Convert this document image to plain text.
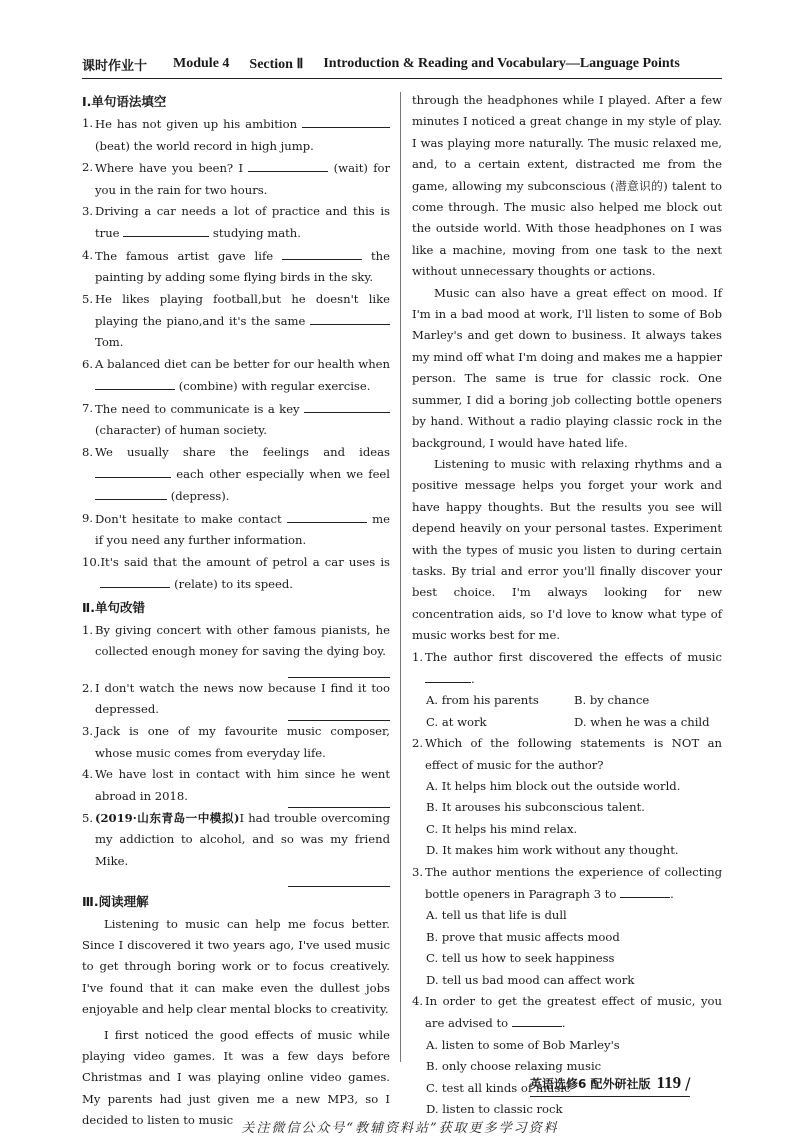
课时作业十 Module 4 Section Ⅱ Introduction & Reading and Vocabulary—Language Points
Ⅰ.单句语法填空
1. He has not given up his ambition  (beat) the world record in high jump.
2. Where have you been? I	(wait) for you in the rain for two hours.
3. Driving a car needs a lot of practice and this is true	studying math.
4. The famous artist gave life	the painting by adding some flying birds in the sky.
5. He likes playing football,but he doesn't like playing the piano,and it's the same  Tom.
6. A balanced diet can be better for our health when  (combine) with regular exercise.
7. The need to communicate is a key  (character) of human society.
8. We usually share the feelings and ideas  each other especially when we feel  (depress).
9. Don't hesitate to make contact	me if you need any further information.
10. It's said that the amount of petrol a car uses is  (relate) to its speed.
Ⅱ.单句改错
1. By giving concert with other famous pianists, he collected enough money for saving the dying boy.
2. I don't watch the news now because I find it too depressed.
3. Jack is one of my favourite music composer, whose music comes from everyday life.
4. We have lost in contact with him since he went abroad in 2018.
5. (2019·山东青岛一中模拟)I had trouble overcoming my addiction to alcohol, and so was my friend Mike.
Ⅲ.阅读理解

Listening to music can help me focus better. Since I discovered it two years ago, I've used music to get through boring work or to focus creatively. I've found that it can make even the dullest jobs enjoyable and help clear mental blocks to creativity.

I first noticed the good effects of music while playing video games. It was a few days before Christmas and I was playing online video games. My parents had just given me a new MP3, so I decided to listen to music

through the headphones while I played. After a few minutes I noticed a great change in my style of play. I was playing more naturally. The music relaxed me, and, to a certain extent, distracted me from the game, allowing my subconscious (潜意识的) talent to come through. The music also helped me block out the outside world. With those headphones on I was like a machine, moving from one task to the next without unnecessary thoughts or actions.

Music can also have a great effect on mood. If I'm in a bad mood at work, I'll listen to some of Bob Marley's and get down to business. It always takes my mind off what I'm doing and makes me a happier person. The same is true for classic rock. One summer, I did a boring job collecting bottle openers by hand. Without a radio playing classic rock in the background, I would have hated life.

Listening to music with relaxing rhythms and a positive message helps you forget your work and have happy thoughts. But the results you see will depend heavily on your personal tastes. Experiment with the types of music you listen to during certain tasks. By trial and error you'll finally discover your best choice. I'm always looking for new concentration aids, so I'd love to know what type of music works best for me.

1. The author first discovered the effects of music .
A. from his parents	B. by chance
C. at work	D. when he was a child
2. Which of the following statements is NOT an effect of music for the author?
A. It helps him block out the outside world.
B. It arouses his subconscious talent.
C. It helps his mind relax.
D. It makes him work without any thought.
3. The author mentions the experience of collecting bottle openers in Paragraph 3 to	.
A. tell us that life is dull
B. prove that music affects mood
C. tell us how to seek happiness
D. tell us bad mood can affect work
4. In order to get the greatest effect of music, you are advised to	.
A. listen to some of Bob Marley's
B. only choose relaxing music
C. test all kinds of music
D. listen to classic rock
英语选修6 配外研社版 119 /
关注微信公众号“教辅资料站”获取更多学习资料
